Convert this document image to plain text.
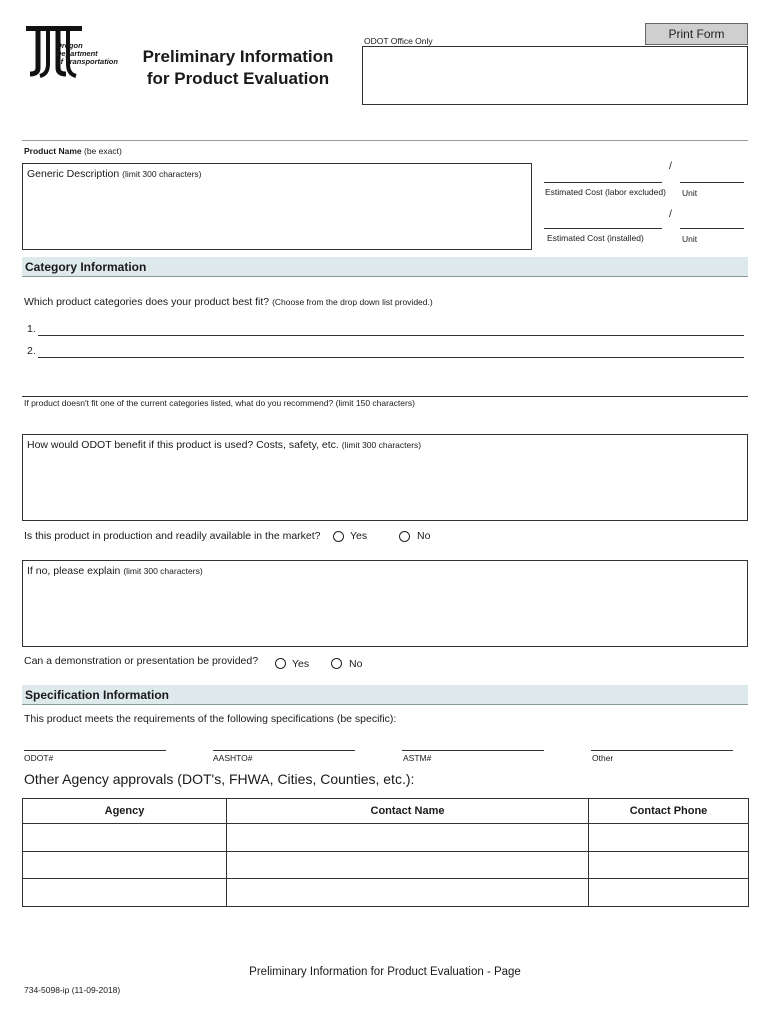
Oregon
Department
of Transportation	Preliminary Information
for Product Evaluation
ODOT Office Only	Print Form
Product Name (be exact)
Generic Description (limit 300 characters)
/
Estimated Cost (labor excluded) Unit
/
Estimated Cost (installed)	Unit
Category Information
Which product categories does your product best fit? (Choose from the drop down list provided.)
1.
2.
If product doesn't fit one of the current categories listed, what do you recommend? (limit 150 characters)
How would ODOT benefit if this product is used? Costs, safety, etc. (limit 300 characters)
Is this product in production and readily available in the market?	Yes	No
If no, please explain (limit 300 characters)
Can a demonstration or presentation be provided?	Yes	No
Specification Information
This product meets the requirements of the following specifications (be specific):
ODOT#	AASHTO#	ASTM#	Other
Other Agency approvals (DOT's, FHWA, Cities, Counties, etc.):
Agency	Contact Name	Contact Phone

Preliminary Information for Product Evaluation - Page
734-5098-ip (11-09-2018)
